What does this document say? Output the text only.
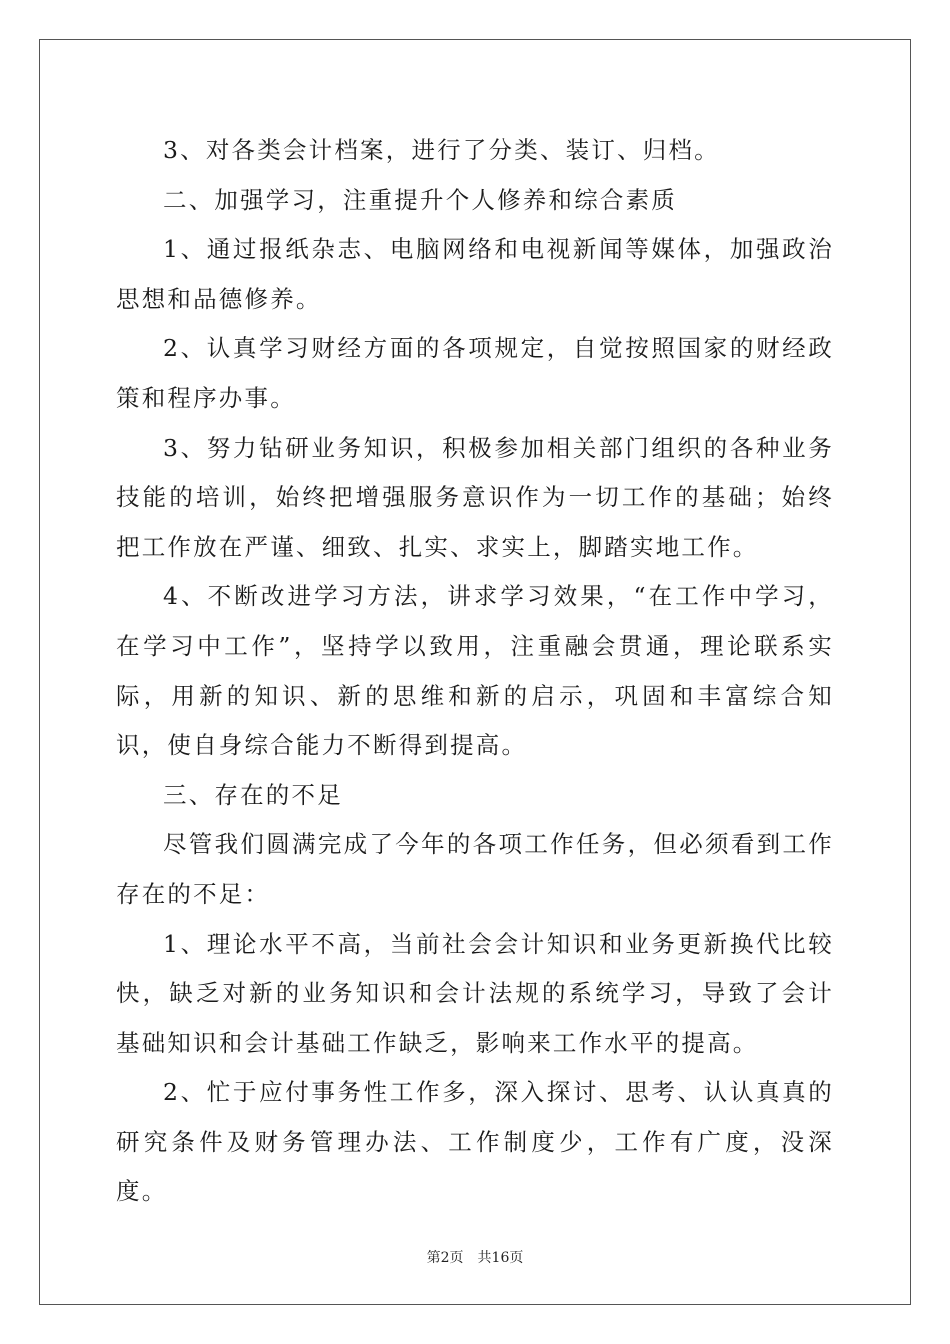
3、对各类会计档案，进行了分类、装订、归档。

二、加强学习，注重提升个人修养和综合素质

1、通过报纸杂志、电脑网络和电视新闻等媒体，加强政治思想和品德修养。

2、认真学习财经方面的各项规定，自觉按照国家的财经政策和程序办事。

3、努力钻研业务知识，积极参加相关部门组织的各种业务技能的培训，始终把增强服务意识作为一切工作的基础；始终把工作放在严谨、细致、扎实、求实上，脚踏实地工作。

4、不断改进学习方法，讲求学习效果，“在工作中学习，在学习中工作”，坚持学以致用，注重融会贯通，理论联系实际，用新的知识、新的思维和新的启示，巩固和丰富综合知识，使自身综合能力不断得到提高。

三、存在的不足

尽管我们圆满完成了今年的各项工作任务，但必须看到工作存在的不足：

1、理论水平不高，当前社会会计知识和业务更新换代比较快，缺乏对新的业务知识和会计法规的系统学习，导致了会计基础知识和会计基础工作缺乏，影响来工作水平的提高。

2、忙于应付事务性工作多，深入探讨、思考、认认真真的研究条件及财务管理办法、工作制度少，工作有广度，没深度。

第2页 共16页
